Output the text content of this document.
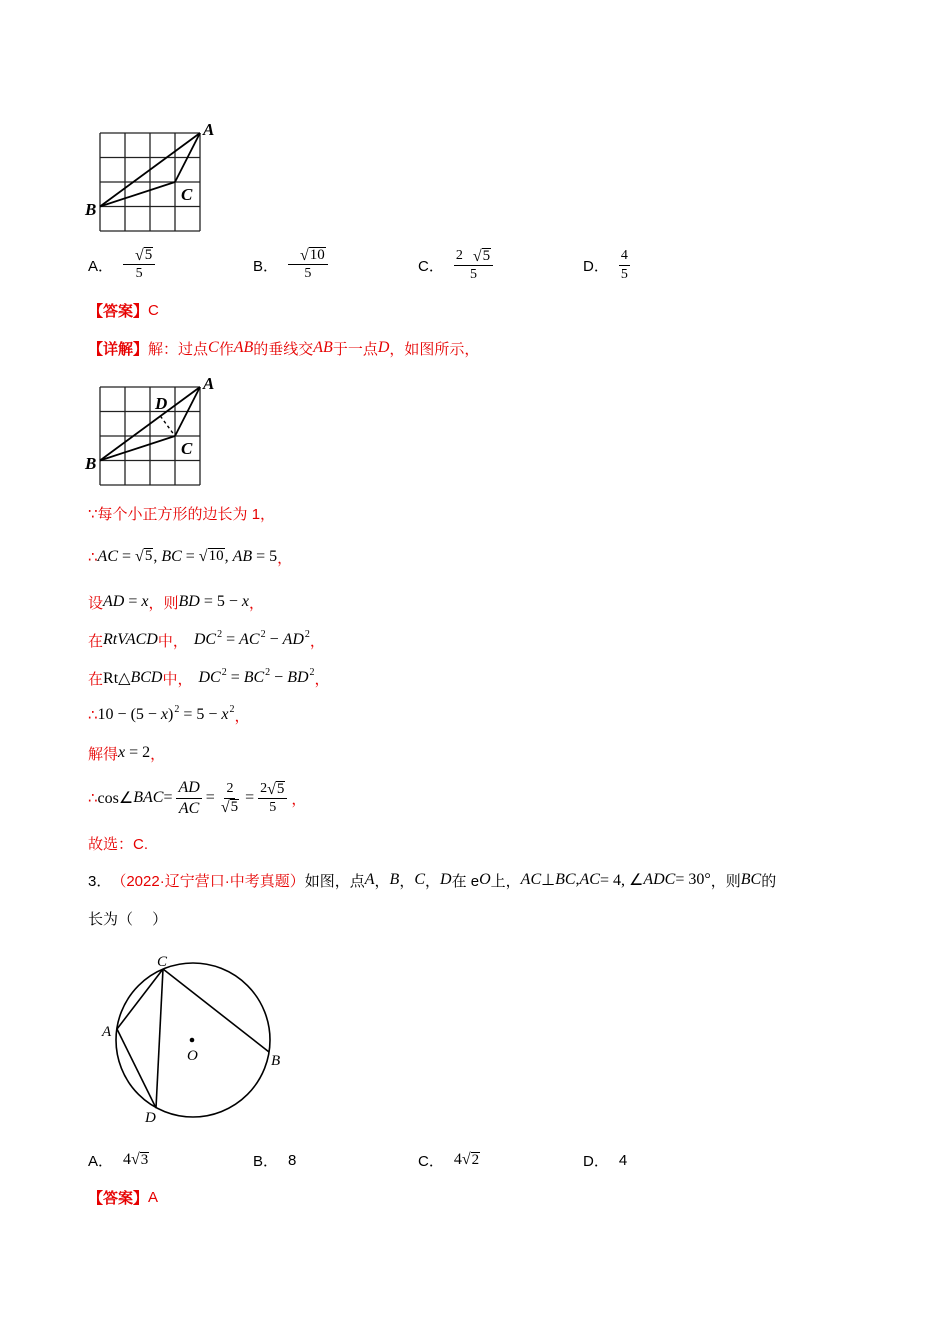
A
B
C
A． $\frac{√ 5}{5}$	B． $\frac{√ 10}{5}$	C． $\frac{2 √ 5}{5}$	D． $\frac{4}{5}$
【答案】 C
【详解】 解：过点 C 作 AB 的垂线交 AB 于一点 D ，如图所示，
A
D
C
B
∵每个小正方形的边长为 1，
∴ AC = √ 5 , BC = √ 10 , AB = 5 ，
设 AD = x ，则 BD = 5 − x ，
在 RtVACD 中， $DC^2 = AC^2 - AD^2$ ，
在 Rt△ BCD 中， $DC^2 = BC^2 - BD^2$ ，
∴ $10 - (5 - x)^2 = 5 - x^2$ ，
解得 x = 2 ，
∴ cos∠ BAC = $\frac{AD}{AC} = \frac{2}{√ 5} = \frac{2 √ 5}{5}$ ，
故选：C.
3． （2022·辽宁营口·中考真题） 如图，点 A ， B ， C ， D 在 e O 上， AC ⊥ BC , AC = 4, ∠ ADC = 30° ，则 BC 的
长为（　 ）
C
A
B
D
O
A． 4 √ 3	B． 8	C． 4 √ 2	D． 4
【答案】 A
